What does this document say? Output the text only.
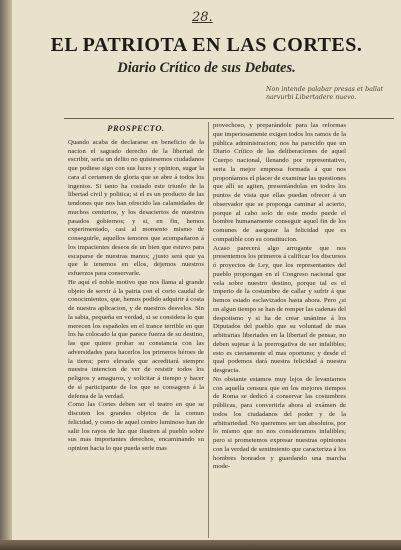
28.
EL PATRIOTA EN LAS CORTES.
Diario Crítico de sus Debates.
Non intende palabar presas et ballat narvurbi Libertadere nuevo.
PROSPECTO.

Quando acaba de declararse en beneficio de la nacion el sagrado derecho de la libertad de escribir, seria un delito no quisiesemos ciudadanos que podiese sigo con sus luces y opinion, sugar la cara al certamen de gloria que se abre á todos los ingenios. Si tanto ha costado este triunfo de la libertad civil y politica; si el es un producto de las tendones que nos han ofrecido las calamidades de muchos centurios, y los desaciertos de nuestros pasados gobiernos; y si, en fin, hemos experimentado, casi al momento mismo de conseguirle, aquellos temores que acompañaron á los impacientes deseos de un bien que estuvo para escaparse de nuestras manos; ¿justo será que ya que le tenemos en ellos, dejemos nuestros esfuerzos para conservarle.

He aquí el noble motivo que nos llama al grande objeto de servir á la patria con el corto caudal de conocimientos, que, hemos podido adquirir á costa de nuestra aplicacion, y de nuestros desvelos. Sin la sabia, pequeña en verdad, si se considera lo que merecen los españoles en el trance terrible en que los ha colocado la que parece fuerza de su destino, las que quiere probar su constancia con las adversidades para hacerlos los primeros héroes de la tierra; pero elevada que acreditará siempre nuestra intencion de ver de resistir todos los peligros y amaguros, y solicitar á tiempo y hacer de sí participante de los que se consagren á la defensa de la verdad.

Como las Cortes deben ser el teatro en que se discuten los grandes objetos de la comun felicidad, y como de aquel centro luminoso han de salir los rayos de luz que ilustren al pueblo sobre sus mas importantes derechos, encaminando su opinion hacia lo que pueda serle mas

provechoso, y preparándole para las reformas que imperiosamente exigen todos los ramos de la pública administracion; nos ha parecido que un Diario Crítico de las deliberaciones de aquel Cuerpo nacional, llenando por representativo, seria la mejor empresa formada á que nos proponíamos el placer de examinar las questiones que allí se agiten, presentándolas en todos los puntos de vista que ellas puedan ofrecer á un observador que se proponga caminar al acierto, porque al cabo solo de este modo puede el hombre humanamente conseguir aquel fin de los comunes de asegurar la felicidad que es compatible con su constitucion.

Acaso parecerá algo arrogante que nos presentemos los primeros á calificar los discursos ó proyectos de Ley, que los representantes del pueblo propongan en el Congreso nacional que vela sobre nuestro destino, porque tal es el imperio de la costumbre de callar y sufrir á que hemos estado esclavizados hasta ahora. Pero ¿si en algun tiempo se han de romper las cadenas del despotismo y si ha de crear unánime á los Diputados del pueblo que su voluntad de mas arbitrarias libertades en la libertad de pensar, no deben sujetar á la prerrogativa de ser infalibles; esto es ciertamente el mas oportuno; y desde el qual podemos dará nuestra felicidad á nuestra desgracia.

No obstante estamos muy lejos de levantarnos con aquella censura que en los mejores tiempos de Roma se dedicó á conservar las costumbres públicas, para convertirla ahora al exámen de todos los ciudadanos del poder y de la arbitrariedad. No queremos ser tan absolutos, por lo mismo que no nos consideramos infalibles; pero si prometemos expresar nuestras opiniones con la verdad de sentimiento que caracteriza á los hombres honrados y guardando una marcha mode-
